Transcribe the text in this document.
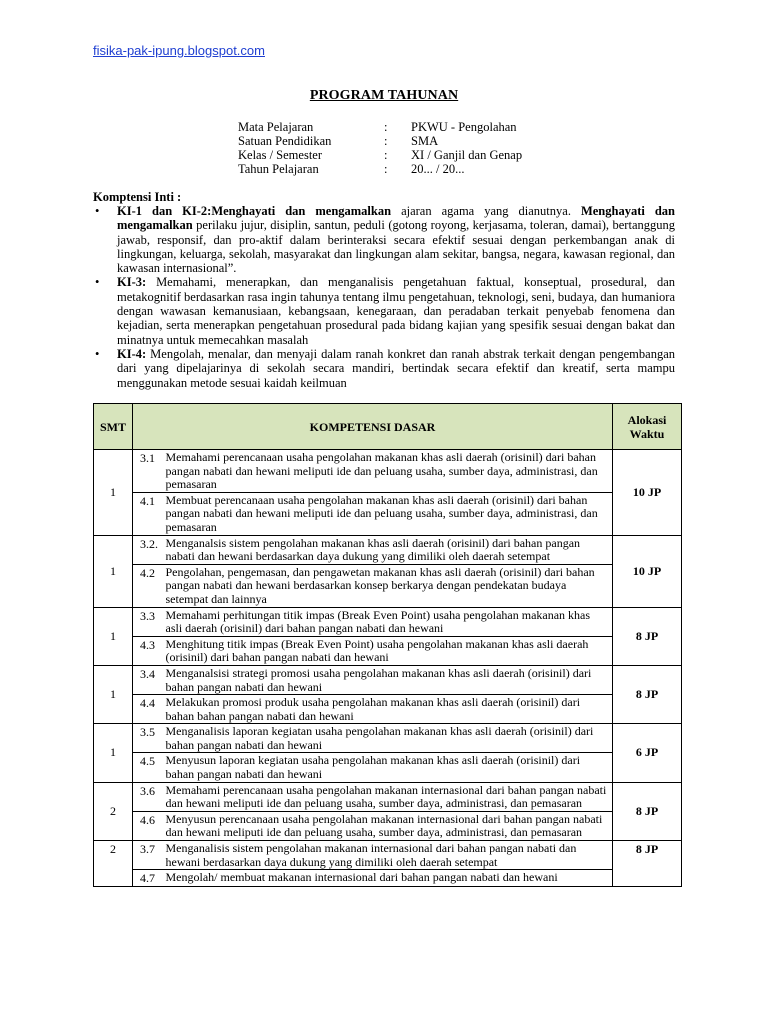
fisika-pak-ipung.blogspot.com
PROGRAM TAHUNAN
Mata Pelajaran	: PKWU - Pengolahan
Satuan Pendidikan	: SMA
Kelas / Semester	: XI / Ganjil dan Genap
Tahun Pelajaran	: 20... / 20...
Komptensi Inti :
• KI-1 dan KI-2:Menghayati dan mengamalkan ajaran agama yang dianutnya. Menghayati dan mengamalkan perilaku jujur, disiplin, santun, peduli (gotong royong, kerjasama, toleran, damai), bertanggung jawab, responsif, dan pro-aktif dalam berinteraksi secara efektif sesuai dengan perkembangan anak di lingkungan, keluarga, sekolah, masyarakat dan lingkungan alam sekitar, bangsa, negara, kawasan regional, dan kawasan internasional”.
• KI-3: Memahami, menerapkan, dan menganalisis pengetahuan faktual, konseptual, prosedural, dan metakognitif berdasarkan rasa ingin tahunya tentang ilmu pengetahuan, teknologi, seni, budaya, dan humaniora dengan wawasan kemanusiaan, kebangsaan, kenegaraan, dan peradaban terkait penyebab fenomena dan kejadian, serta menerapkan pengetahuan prosedural pada bidang kajian yang spesifik sesuai dengan bakat dan minatnya untuk memecahkan masalah
• KI-4: Mengolah, menalar, dan menyaji dalam ranah konkret dan ranah abstrak terkait dengan pengembangan dari yang dipelajarinya di sekolah secara mandiri, bertindak secara efektif dan kreatif, serta mampu menggunakan metode sesuai kaidah keilmuan
SMT	KOMPETENSI DASAR		Alokasi Waktu
1	3.1	Memahami perencanaan usaha pengolahan makanan khas asli daerah (orisinil) dari bahan pangan nabati dan hewani meliputi ide dan peluang usaha, sumber daya, administrasi, dan pemasaran	10 JP
	4.1	Membuat perencanaan usaha pengolahan makanan khas asli daerah (orisinil) dari bahan pangan nabati dan hewani meliputi ide dan peluang usaha, sumber daya, administrasi, dan pemasaran	
1	3.2.	Menganalsis sistem pengolahan makanan khas asli daerah (orisinil) dari bahan pangan nabati dan hewani berdasarkan daya dukung yang dimiliki oleh daerah setempat	10 JP
	4.2	Pengolahan, pengemasan, dan pengawetan makanan khas asli daerah (orisinil) dari bahan pangan nabati dan hewani berdasarkan konsep berkarya dengan pendekatan budaya setempat dan lainnya	
1	3.3	Memahami perhitungan titik impas (Break Even Point) usaha pengolahan makanan khas asli daerah (orisinil) dari bahan pangan nabati dan hewani	8 JP
	4.3	Menghitung titik impas (Break Even Point) usaha pengolahan makanan khas asli daerah (orisinil) dari bahan pangan nabati dan hewani	
1	3.4	Menganalsisi strategi promosi usaha pengolahan makanan khas asli daerah (orisinil) dari bahan pangan nabati dan hewani	8 JP
	4.4	Melakukan promosi produk usaha pengolahan makanan khas asli daerah (orisinil) dari bahan bahan pangan nabati dan hewani	
1	3.5	Menganalisis laporan kegiatan usaha pengolahan makanan khas asli daerah (orisinil) dari bahan pangan nabati dan hewani	6 JP
	4.5	Menyusun laporan kegiatan usaha pengolahan makanan khas asli daerah (orisinil) dari bahan pangan nabati dan hewani	
2	3.6	Memahami perencanaan usaha pengolahan makanan internasional dari bahan pangan nabati dan hewani meliputi ide dan peluang usaha, sumber daya, administrasi, dan pemasaran	8 JP
	4.6	Menyusun perencanaan usaha pengolahan makanan internasional dari bahan pangan nabati dan hewani meliputi ide dan peluang usaha, sumber daya, administrasi, dan pemasaran	
2	3.7	Menganalisis sistem pengolahan makanan internasional dari bahan pangan nabati dan hewani berdasarkan daya dukung yang dimiliki oleh daerah setempat	8 JP
	4.7	Mengolah/ membuat makanan internasional dari bahan pangan nabati dan hewani	
